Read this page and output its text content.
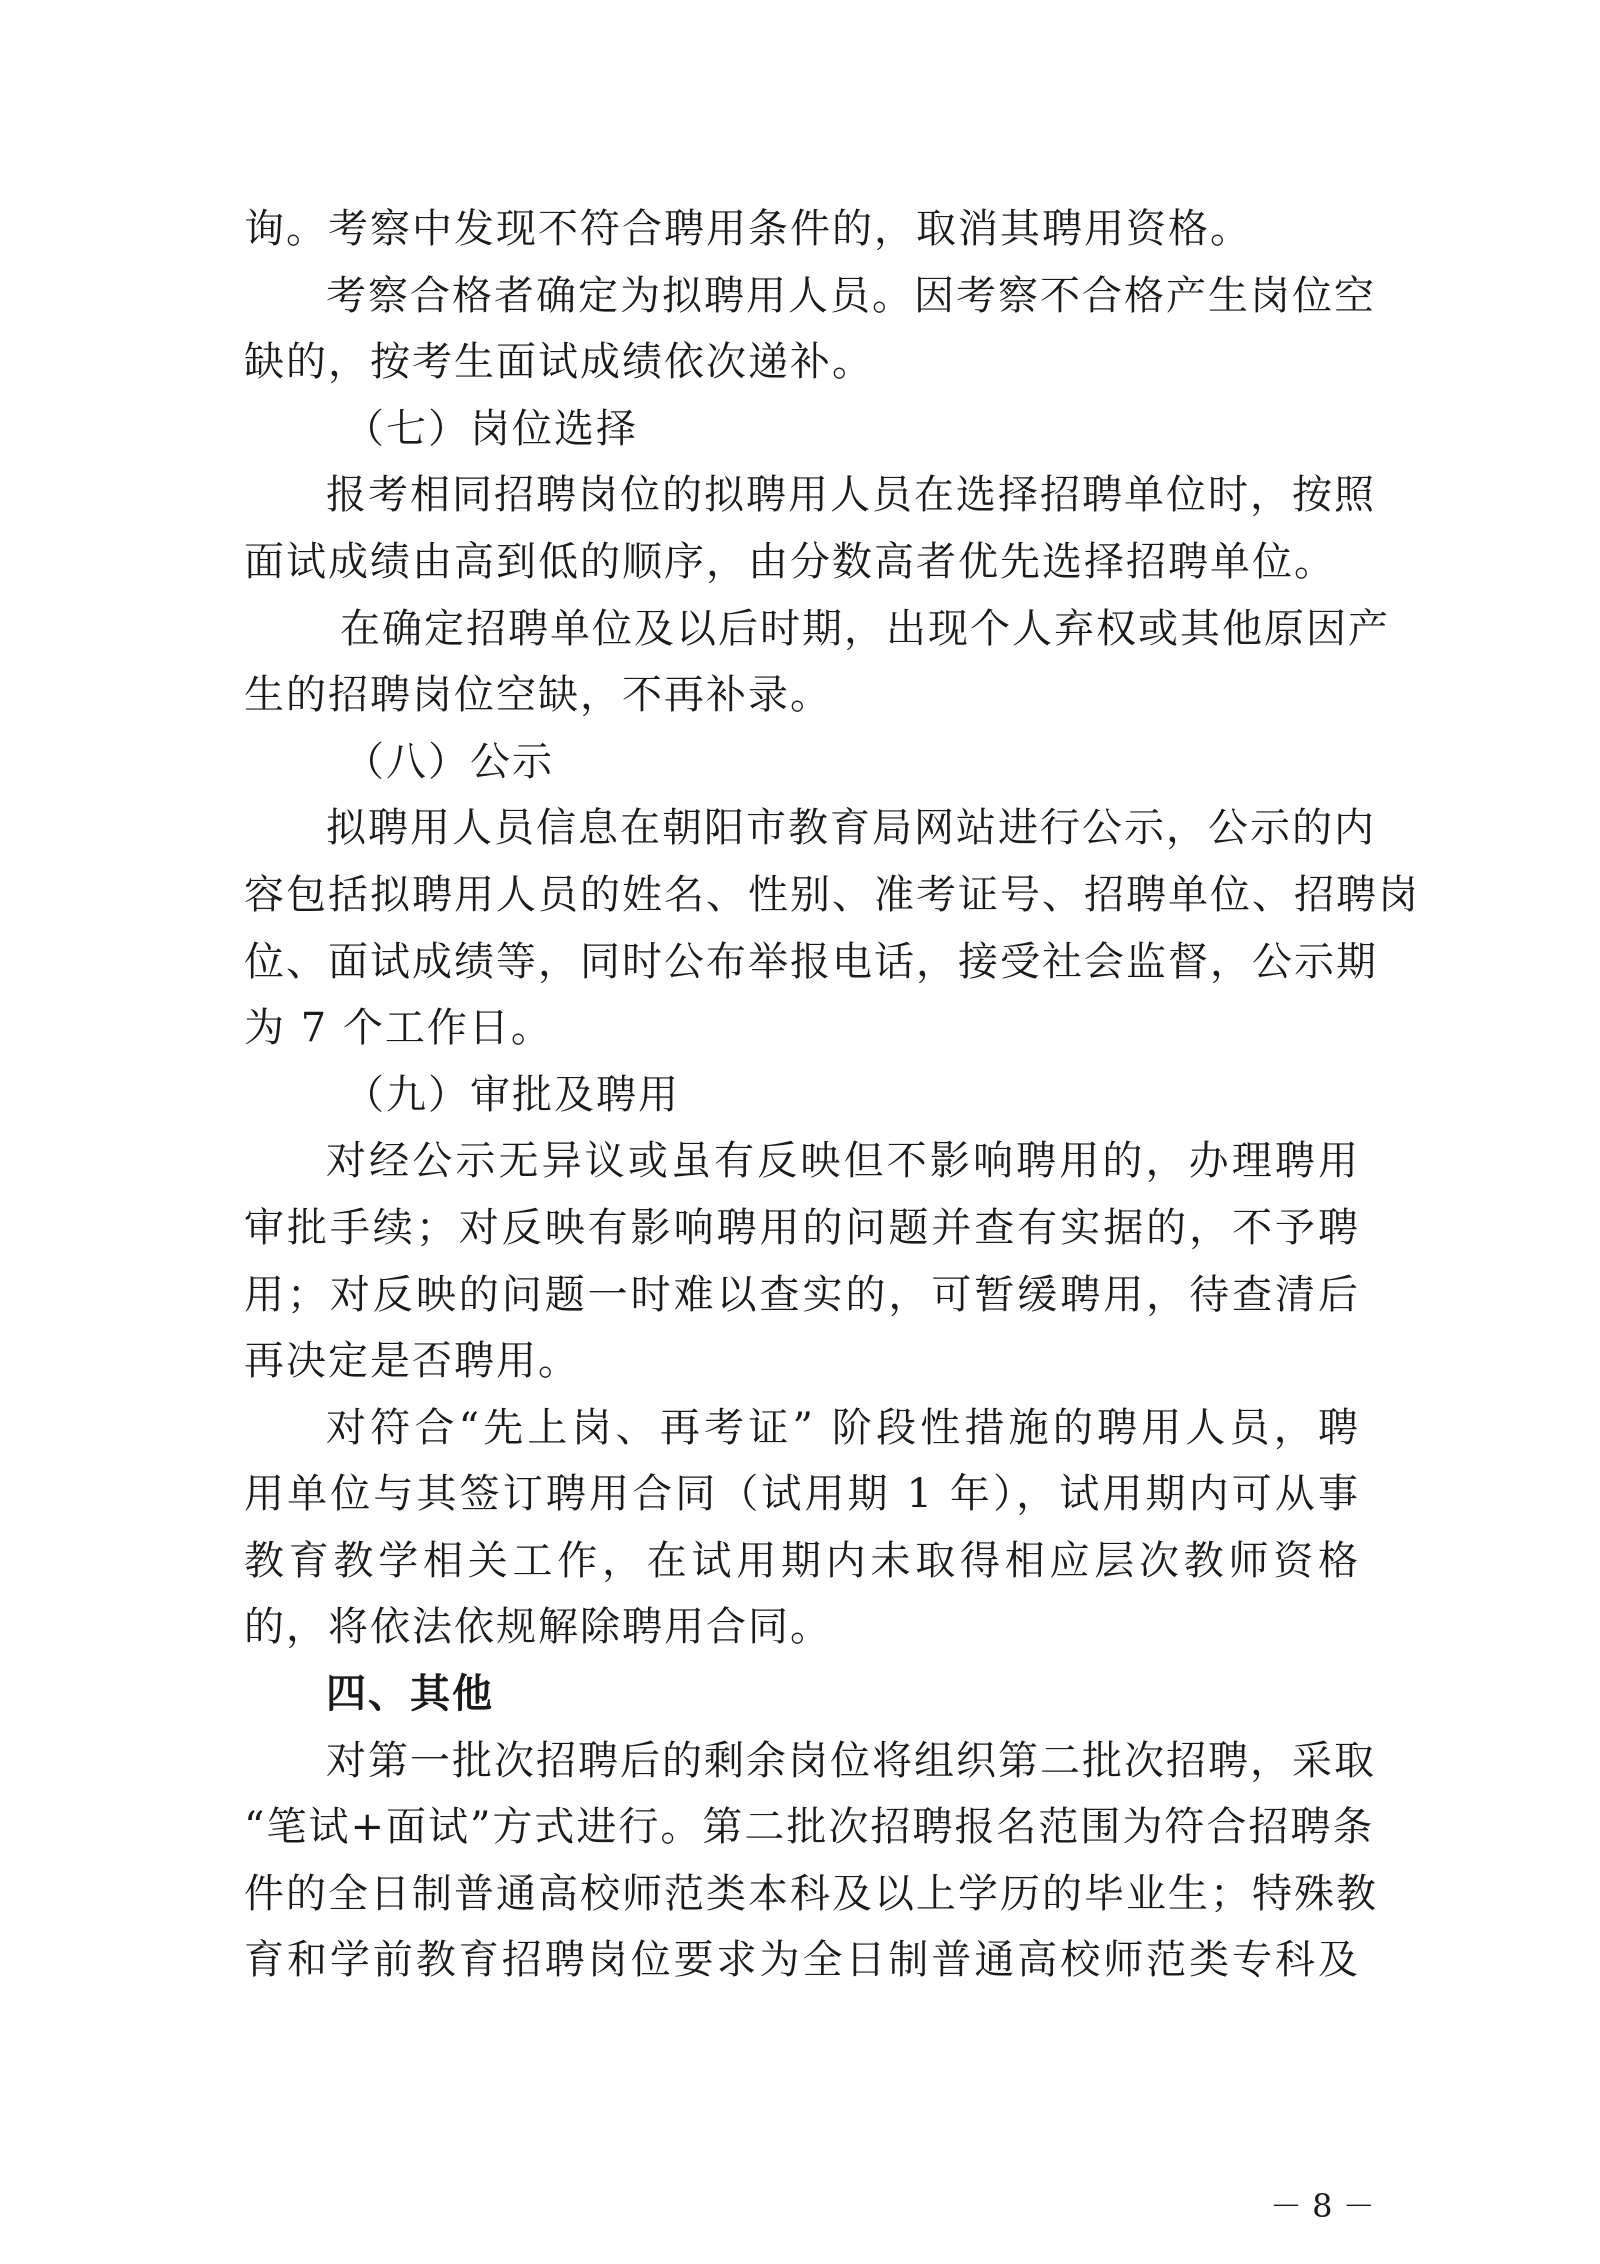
询。考察中发现不符合聘用条件的，取消其聘用资格。
考察合格者确定为拟聘用人员。因考察不合格产生岗位空
缺的，按考生面试成绩依次递补。
（七）岗位选择
报考相同招聘岗位的拟聘用人员在选择招聘单位时，按照
面试成绩由高到低的顺序，由分数高者优先选择招聘单位。
在确定招聘单位及以后时期，出现个人弃权或其他原因产
生的招聘岗位空缺，不再补录。
（八）公示
拟聘用人员信息在朝阳市教育局网站进行公示，公示的内
容包括拟聘用人员的姓名、性别、准考证号、招聘单位、招聘岗
位、面试成绩等，同时公布举报电话，接受社会监督，公示期
为 7 个工作日。
（九）审批及聘用
对经公示无异议或虽有反映但不影响聘用的，办理聘用
审批手续；对反映有影响聘用的问题并查有实据的，不予聘
用；对反映的问题一时难以查实的，可暂缓聘用，待查清后
再决定是否聘用。
对符合“先上岗、再考证” 阶段性措施的聘用人员，聘
用单位与其签订聘用合同（试用期 1 年），试用期内可从事
教育教学相关工作，在试用期内未取得相应层次教师资格
的，将依法依规解除聘用合同。
四、其他
对第一批次招聘后的剩余岗位将组织第二批次招聘，采取
“笔试+面试”方式进行。第二批次招聘报名范围为符合招聘条
件的全日制普通高校师范类本科及以上学历的毕业生；特殊教
育和学前教育招聘岗位要求为全日制普通高校师范类专科及
－ 8 －
